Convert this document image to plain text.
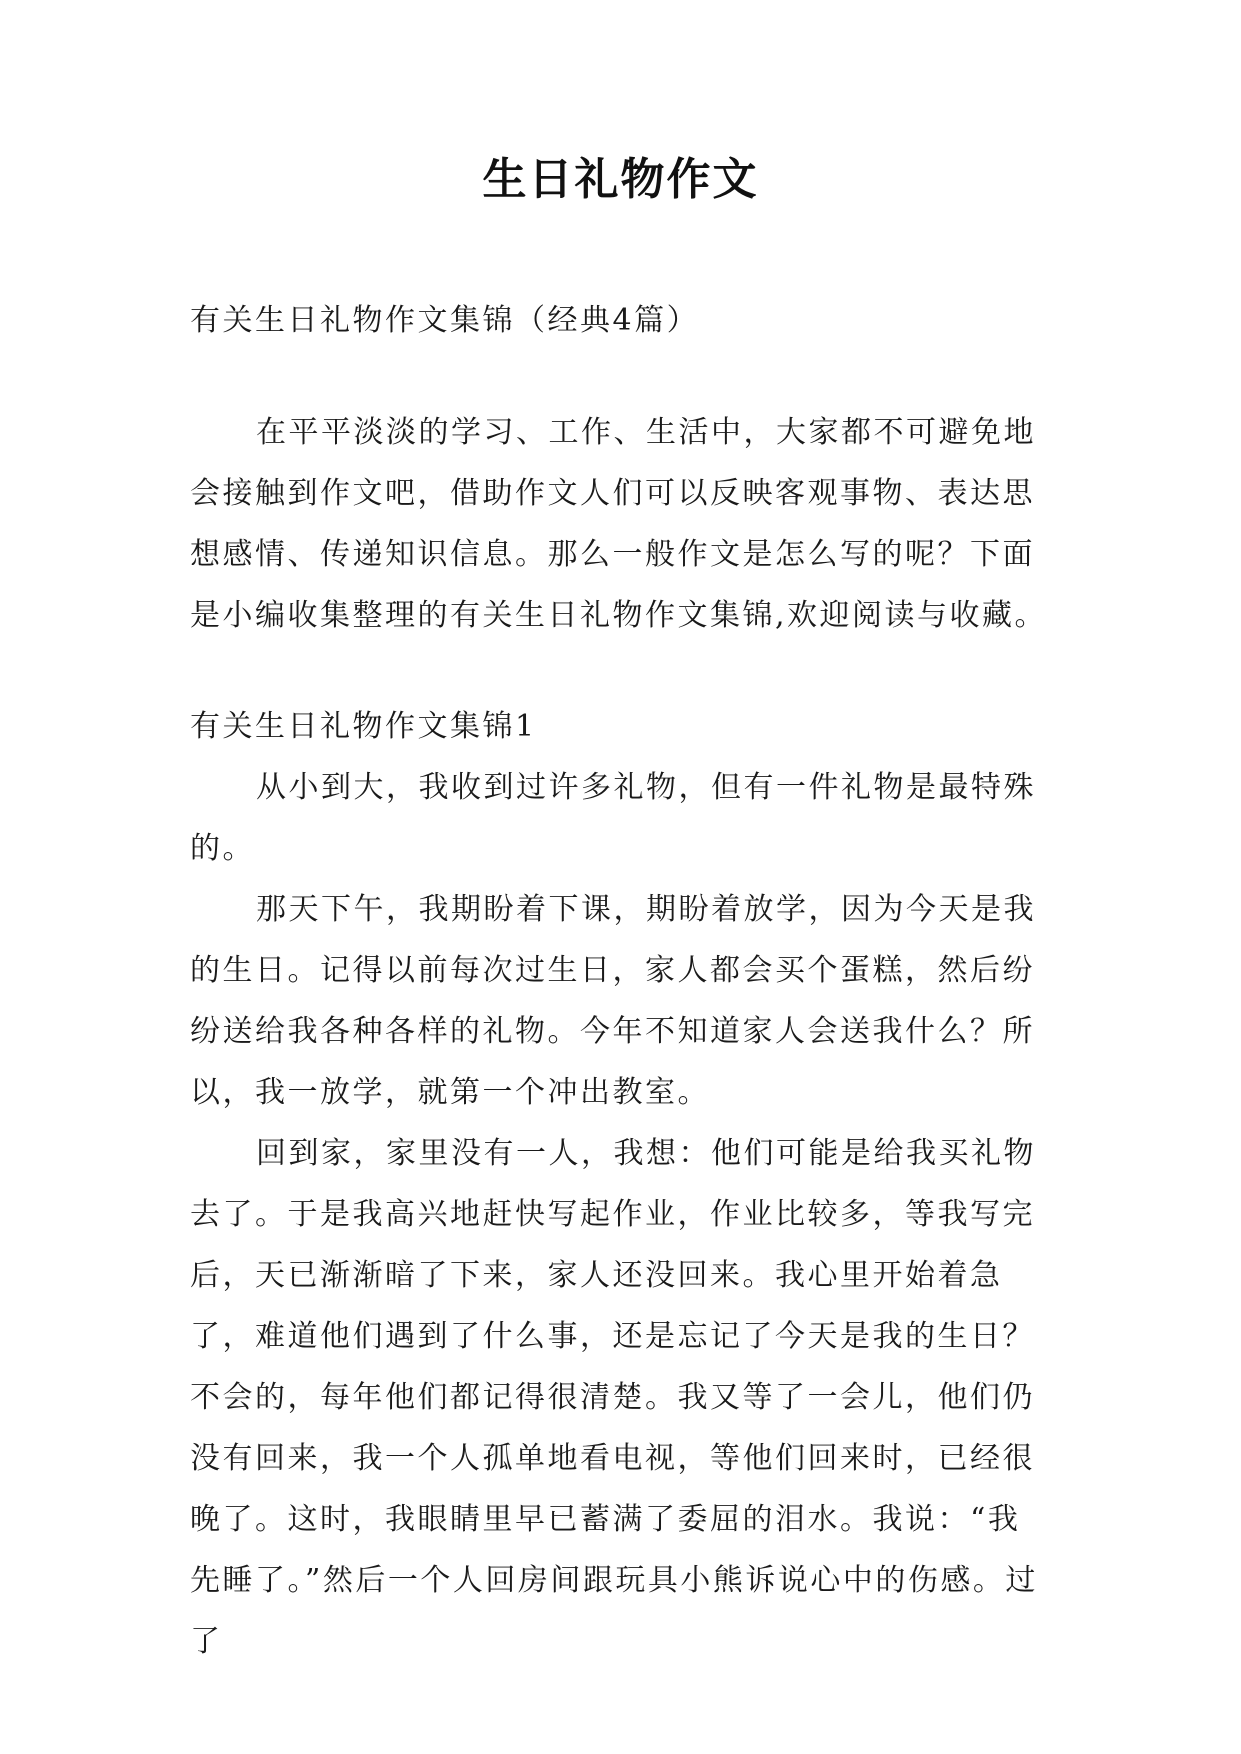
生日礼物作文

有关生日礼物作文集锦（经典4篇）

在平平淡淡的学习、工作、生活中，大家都不可避免地会接触到作文吧，借助作文人们可以反映客观事物、表达思想感情、传递知识信息。那么一般作文是怎么写的呢？下面是小编收集整理的有关生日礼物作文集锦,欢迎阅读与收藏。

有关生日礼物作文集锦1

从小到大，我收到过许多礼物，但有一件礼物是最特殊的。

那天下午，我期盼着下课，期盼着放学，因为今天是我的生日。记得以前每次过生日，家人都会买个蛋糕，然后纷纷送给我各种各样的礼物。今年不知道家人会送我什么？所以，我一放学，就第一个冲出教室。

回到家，家里没有一人，我想：他们可能是给我买礼物去了。于是我高兴地赶快写起作业，作业比较多，等我写完后，天已渐渐暗了下来，家人还没回来。我心里开始着急了，难道他们遇到了什么事，还是忘记了今天是我的生日？不会的，每年他们都记得很清楚。我又等了一会儿，他们仍没有回来，我一个人孤单地看电视，等他们回来时，已经很晚了。这时，我眼睛里早已蓄满了委屈的泪水。我说：“我先睡了。”然后一个人回房间跟玩具小熊诉说心中的伤感。过了
